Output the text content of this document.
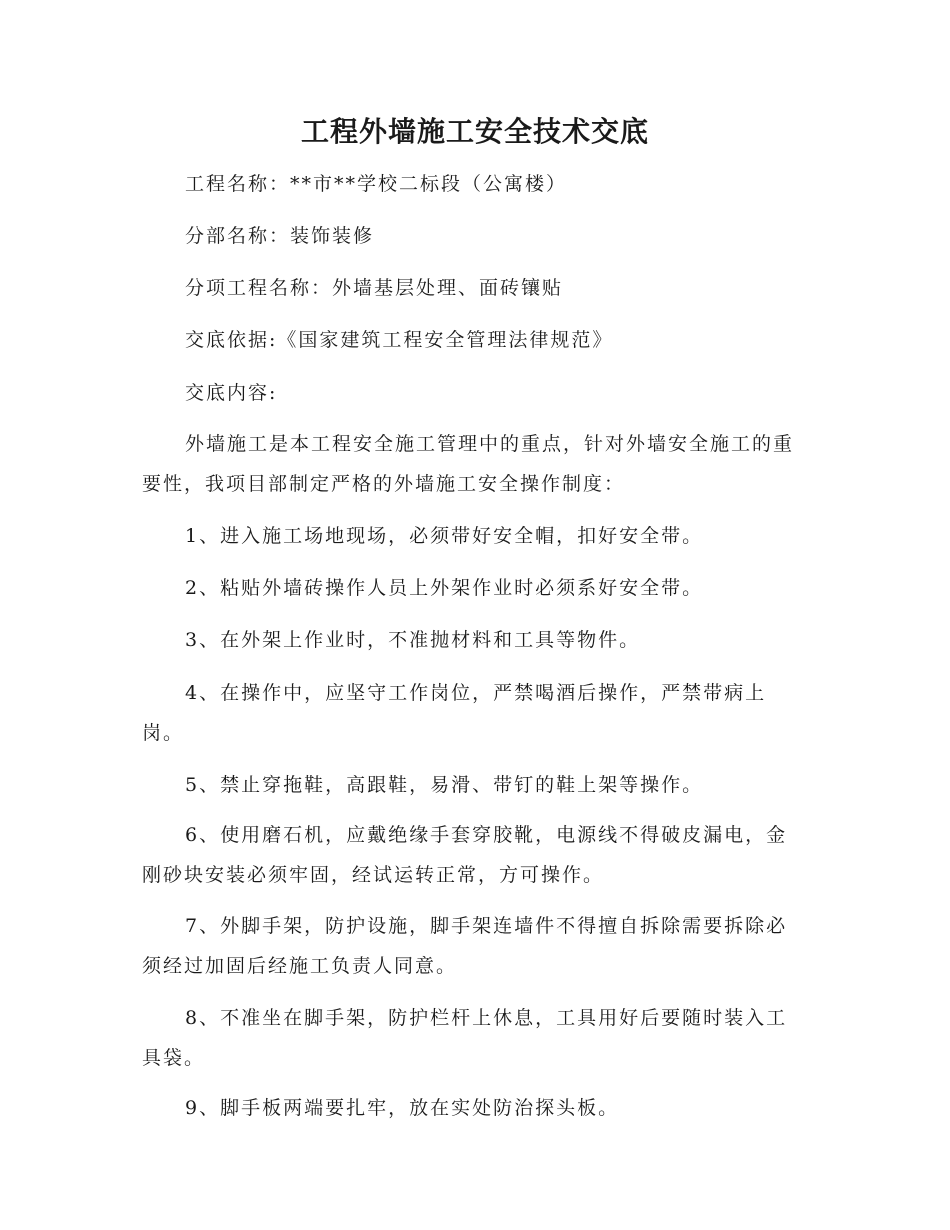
工程外墙施工安全技术交底
工程名称：**市**学校二标段（公寓楼）
分部名称：装饰装修
分项工程名称：外墙基层处理、面砖镶贴
交底依据:《国家建筑工程安全管理法律规范》
交底内容:
外墙施工是本工程安全施工管理中的重点，针对外墙安全施工的重要性，我项目部制定严格的外墙施工安全操作制度：
1、进入施工场地现场，必须带好安全帽，扣好安全带。
2、粘贴外墙砖操作人员上外架作业时必须系好安全带。
3、在外架上作业时，不准抛材料和工具等物件。
4、在操作中，应坚守工作岗位，严禁喝酒后操作，严禁带病上岗。
5、禁止穿拖鞋，高跟鞋，易滑、带钉的鞋上架等操作。
6、使用磨石机，应戴绝缘手套穿胶靴，电源线不得破皮漏电，金刚砂块安装必须牢固，经试运转正常，方可操作。
7、外脚手架，防护设施，脚手架连墙件不得擅自拆除需要拆除必须经过加固后经施工负责人同意。
8、不准坐在脚手架，防护栏杆上休息，工具用好后要随时装入工具袋。
9、脚手板两端要扎牢，放在实处防治探头板。
